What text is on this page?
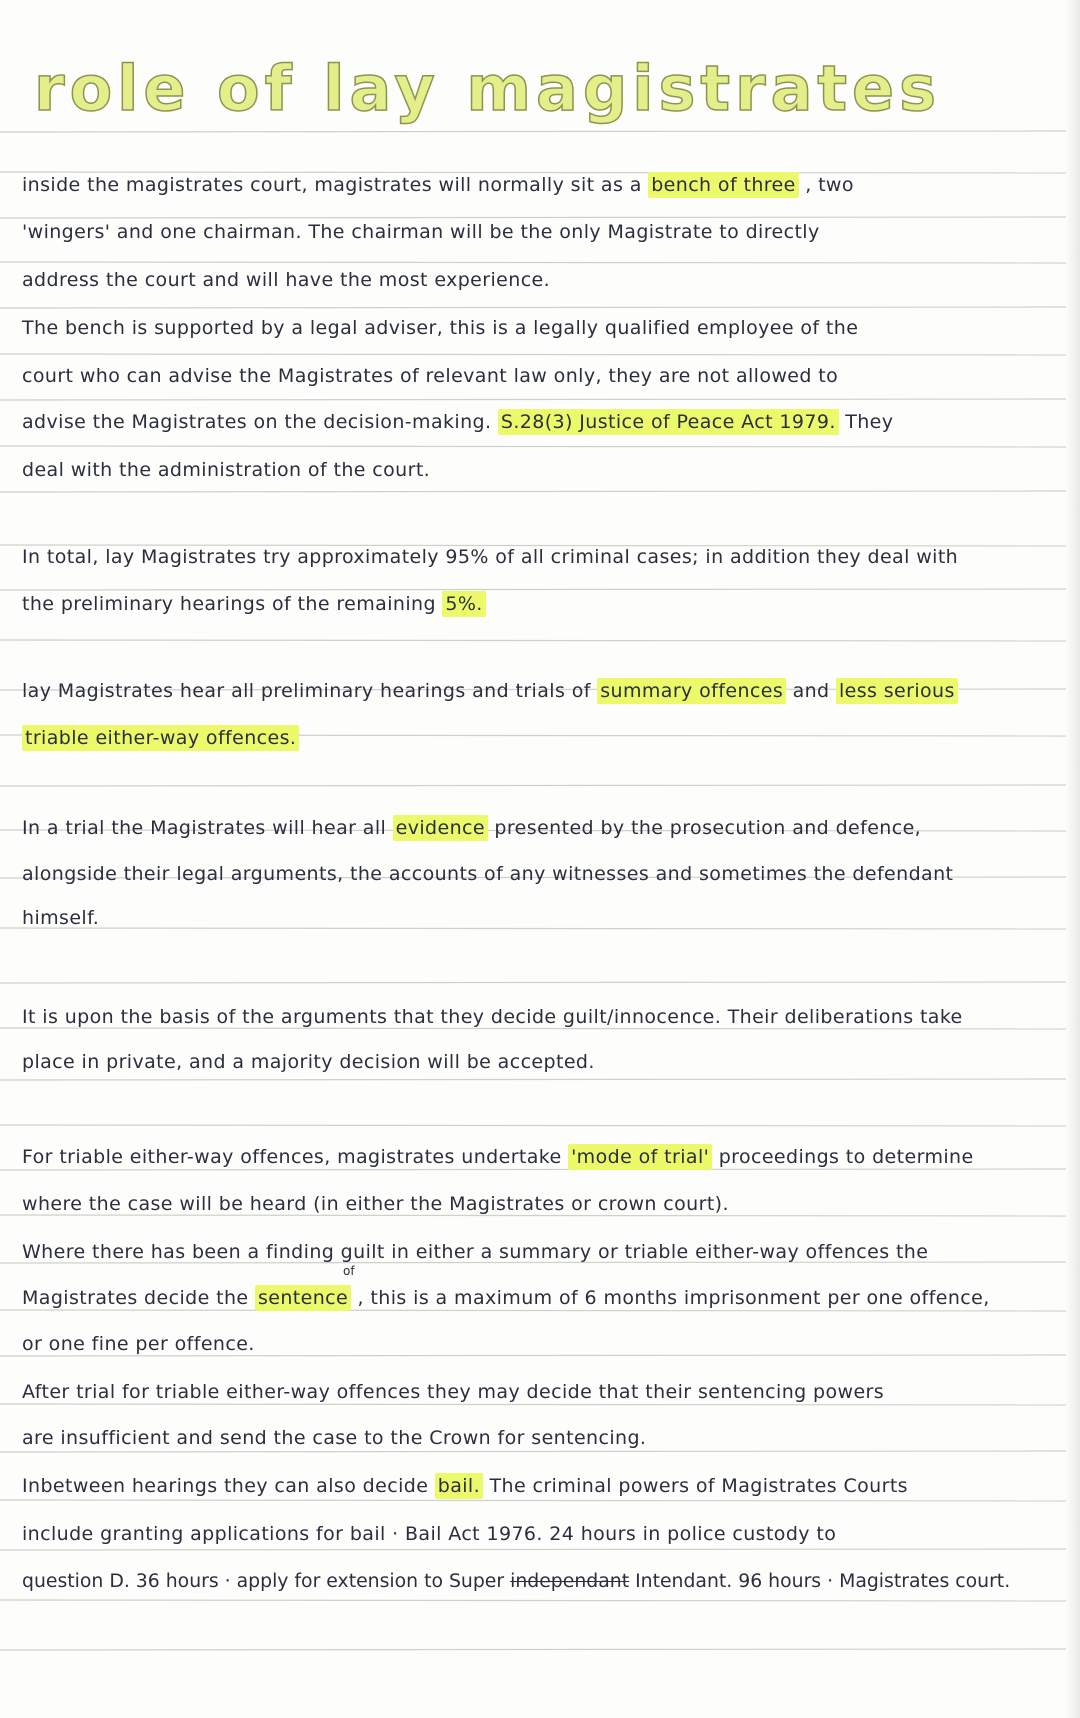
role of lay magistrates
inside the magistrates court, magistrates will normally sit as a bench of three , two
'wingers' and one chairman. The chairman will be the only Magistrate to directly
address the court and will have the most experience.
The bench is supported by a legal adviser, this is a legally qualified employee of the
court who can advise the Magistrates of relevant law only, they are not allowed to
advise the Magistrates on the decision-making. S.28(3) Justice of Peace Act 1979. They
deal with the administration of the court.
In total, lay Magistrates try approximately 95% of all criminal cases; in addition they deal with
the preliminary hearings of the remaining 5%.
lay Magistrates hear all preliminary hearings and trials of summary offences and less serious
triable either-way offences.
In a trial the Magistrates will hear all evidence presented by the prosecution and defence,
alongside their legal arguments, the accounts of any witnesses and sometimes the defendant
himself.
It is upon the basis of the arguments that they decide guilt/innocence. Their deliberations take
place in private, and a majority decision will be accepted.
For triable either-way offences, magistrates undertake 'mode of trial' proceedings to determine
where the case will be heard (in either the Magistrates or crown court).
Where there has been a finding guilt in either a summary or triable either-way offences the
Magistrates decide the sentence , this is a maximum of 6 months imprisonment per one offence,
or one fine per offence.
After trial for triable either-way offences they may decide that their sentencing powers
are insufficient and send the case to the Crown for sentencing.
Inbetween hearings they can also decide bail. The criminal powers of Magistrates Courts
include granting applications for bail · Bail Act 1976. 24 hours in police custody to
question D. 36 hours · apply for extension to Super independant Intendant. 96 hours · Magistrates court.
of
